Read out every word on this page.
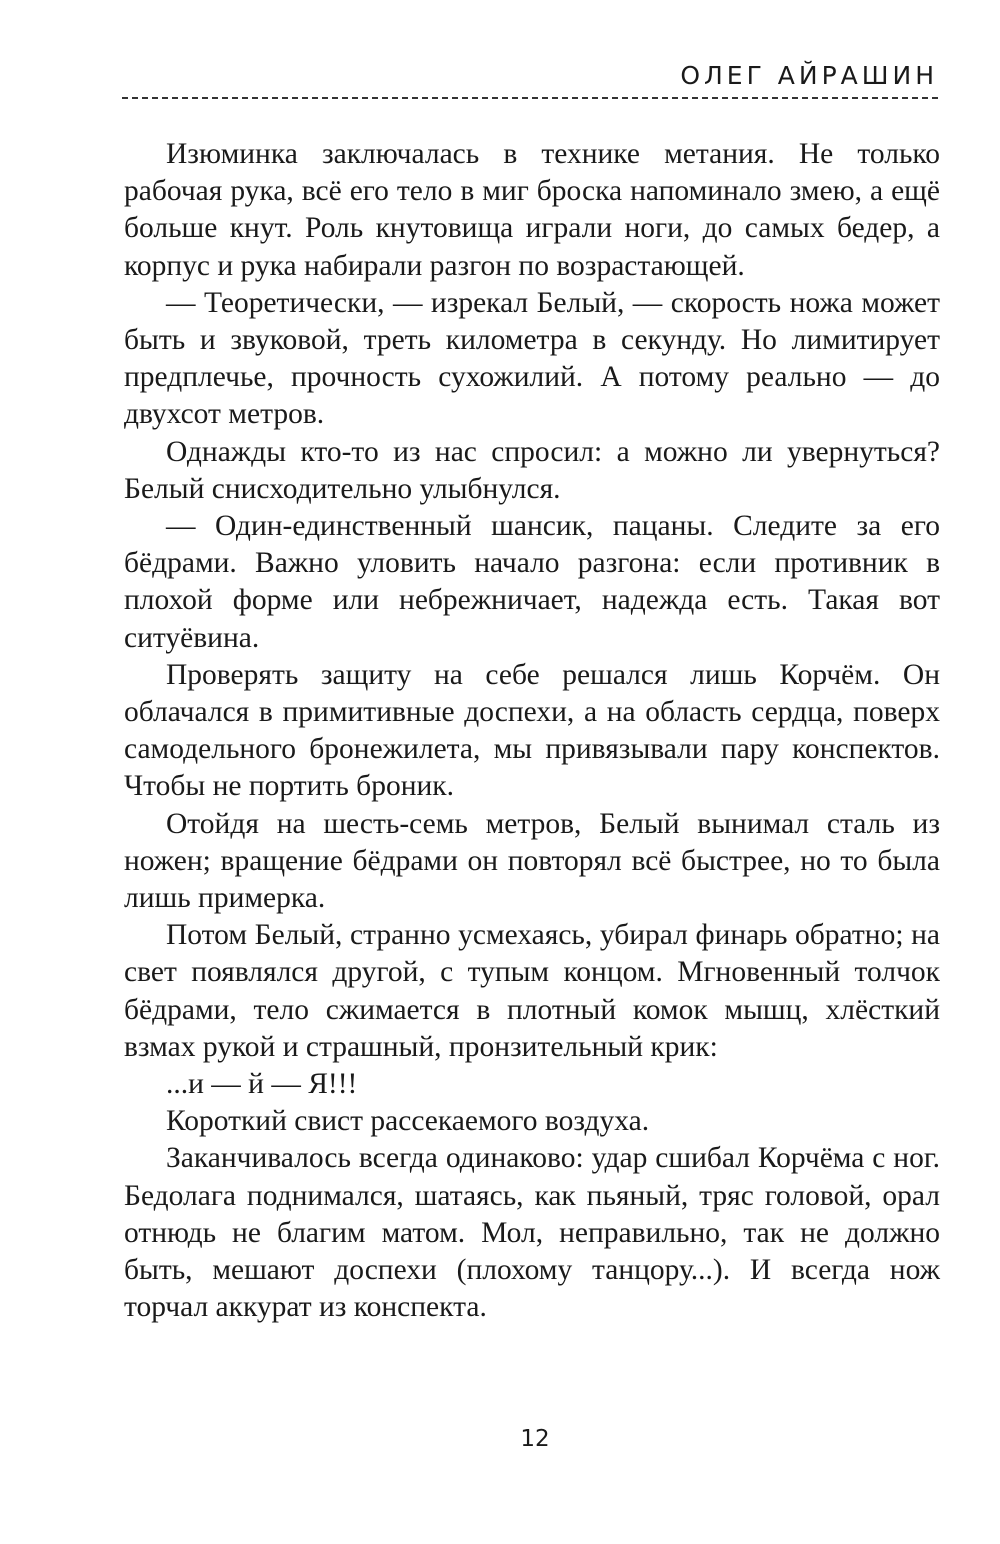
ОЛЕГ АЙРАШИН

Изюминка заключалась в технике метания. Не только рабочая рука, всё его тело в миг броска напоминало змею, а ещё больше кнут. Роль кнутовища играли ноги, до самых бедер, а корпус и рука набирали разгон по возрастающей.

— Теоретически, — изрекал Белый, — скорость ножа может быть и звуковой, треть километра в секунду. Но лимитирует предплечье, прочность сухожилий. А потому реально — до двухсот метров.

Однажды кто-то из нас спросил: а можно ли увернуться? Белый снисходительно улыбнулся.

— Один-единственный шансик, пацаны. Следите за его бёдрами. Важно уловить начало разгона: если противник в плохой форме или небрежничает, надежда есть. Такая вот ситуёвина.

Проверять защиту на себе решался лишь Корчём. Он облачался в примитивные доспехи, а на область сердца, поверх самодельного бронежилета, мы привязывали пару конспектов. Чтобы не портить броник.

Отойдя на шесть-семь метров, Белый вынимал сталь из ножен; вращение бёдрами он повторял всё быстрее, но то была лишь примерка.

Потом Белый, странно усмехаясь, убирал финарь обратно; на свет появлялся другой, с тупым концом. Мгновенный толчок бёдрами, тело сжимается в плотный комок мышц, хлёсткий взмах рукой и страшный, пронзительный крик:

...и — й — Я!!!

Короткий свист рассекаемого воздуха.

Заканчивалось всегда одинаково: удар сшибал Корчёма с ног. Бедолага поднимался, шатаясь, как пьяный, тряс головой, орал отнюдь не благим матом. Мол, неправильно, так не должно быть, мешают доспехи (плохому танцору...). И всегда нож торчал аккурат из конспекта.

12
